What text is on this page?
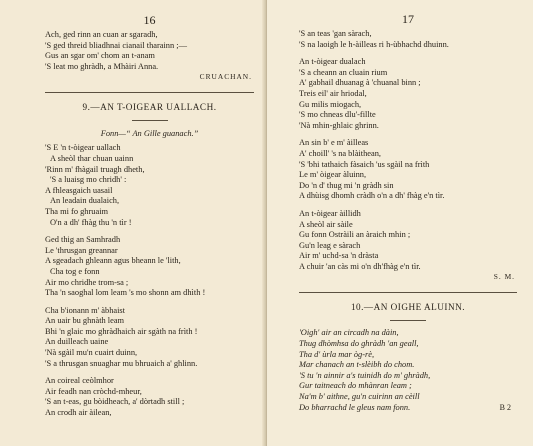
16
Ach, ged rinn an cuan ar sgaradh,
'S ged threid bliadhnai cianail tharainn ;—
Gus an sgar om' chom an t-anam
'S leat mo ghràdh, a Mhàiri Anna.
CRUACHAN.
9.—AN T-OIGEAR UALLACH.
Fonn—“ An Gille guanach.”
'S E 'n t-òigear uallach
A sheòl thar chuan uainn
'Rinn m' fhàgail truagh dheth,
'S a luaisg mo chridh' :
A fhleasgaich uasail
An leadain dualaich,
Tha mi fo ghruaim
O'n a dh' fhàg thu 'n tìr !
Ged thig an Samhradh
Le 'thrusgan greannar
A sgeadach ghleann agus bheann le 'lith,
Cha tog e fonn
Air mo chridhe trom-sa ;
Tha 'n saoghal lom leam 's mo shonn am dhìth !
Cha b'ionann m' àbhaist
An uair bu ghnàth leam
Bhi 'n glaic mo ghràdhaich air sgàth na frìth !
An duilleach uaine
'Nà sgàil mu'n cuairt duinn,
'S a thrusgan snuaghar mu bhruaich a' ghlinn.
An coireal ceòlmhor
Air feadh nan cròchd-mheur,
'S an t-eas, gu bòidheach, a' dòrtadh still ;
An crodh air àilean,
17
'S an teas 'gan sàrach,
'S na laoigh le h-àilleas ri h-ùbhachd dhuinn.
An t-òigear dualach
'S a cheann an cluain rium
A' gabhail dhuanag à 'chuanal binn ;
Treis eil' air hriodal,
Gu milis miogach,
'S mo chneas dlu'-fillte
'Nà mhin-ghlaic ghrinn.
An sin b' e m' àilleas
A' choill' 's na blàithean,
'S 'bhi tathaich fàsaich 'us sgàil na frìth
Le m' òigear àluinn,
Do 'n d' thug mi 'n gràdh sin
A dhùisg dhomh cràdh o'n a dh' fhàg e'n tìr.
An t-òigear àillidh
A sheòl air sàile
Gu fonn Ostràili an àraich mhin ;
Gu'n leag e sàrach
Air m' uchd-sa 'n dràsta
A chuir 'an càs mi o'n dh'fhàg e'n tìr.
S. M.
10.—AN OIGHE ALUINN.
'Oigh' air an circadh na dàin,
Thug dhòmhsa do ghràdh 'an geall,
Tha d' ùrla mar òg-rè,
Mar chanach an t-slèibh do chom.
'S tu 'n ainnir a's tuinidh do m' ghràdh,
Gur taitneach do mhànran leam ;
Na'm b' aithne, gu'n cuirinn an cèill
Do bharrachd le gleus nam fonn.	B 2
